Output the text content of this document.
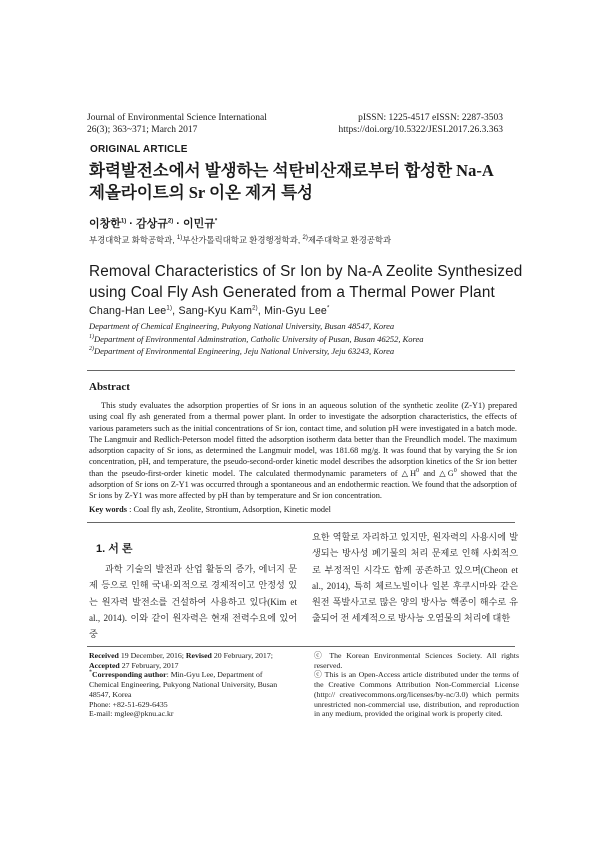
Journal of Environmental Science International
26(3); 363~371; March 2017
pISSN: 1225-4517 eISSN: 2287-3503
https://doi.org/10.5322/JESI.2017.26.3.363
ORIGINAL ARTICLE
화력발전소에서 발생하는 석탄비산재로부터 합성한 Na-A
제올라이트의 Sr 이온 제거 특성
이창한$^{1)}$ · 감상규$^{2)}$ · 이민규*
부경대학교 화학공학과, $^{1)}$부산가톨릭대학교 환경행정학과, $^{2)}$제주대학교 환경공학과
Removal Characteristics of Sr Ion by Na-A Zeolite Synthesized
using Coal Fly Ash Generated from a Thermal Power Plant
Chang-Han Lee$^{1)}$, Sang-Kyu Kam$^{2)}$, Min-Gyu Lee*
Department of Chemical Engineering, Pukyong National University, Busan 48547, Korea
$^{1)}$Department of Environmental Adminstration, Catholic University of Pusan, Busan 46252, Korea
$^{2)}$Department of Environmental Engineering, Jeju National University, Jeju 63243, Korea
Abstract
This study evaluates the adsorption properties of Sr ions in an aqueous solution of the synthetic zeolite (Z-Y1) prepared using coal fly ash generated from a thermal power plant. In order to investigate the adsorption characteristics, the effects of various parameters such as the initial concentrations of Sr ion, contact time, and solution pH were investigated in a batch mode. The Langmuir and Redlich-Peterson model fitted the adsorption isotherm data better than the Freundlich model. The maximum adsorption capacity of Sr ions, as determined the Langmuir model, was 181.68 mg/g. It was found that by varying the Sr ion concentration, pH, and temperature, the pseudo-second-order kinetic model describes the adsorption kinetics of the Sr ion better than the pseudo-first-order kinetic model. The calculated thermodynamic parameters of $\triangle H^0$ and $\triangle G^0$ showed that the adsorption of Sr ions on Z-Y1 was occurred through a spontaneous and an endothermic reaction. We found that the adsorption of Sr ions by Z-Y1 was more affected by pH than by temperature and Sr ion concentration.
Key words : Coal fly ash, Zeolite, Strontium, Adsorption, Kinetic model
1. 서 론
과학 기술의 발전과 산업 활동의 증가, 에너지 문제 등으로 인해 국내·외적으로 경제적이고 안정성 있는 원자력 발전소를 건설하여 사용하고 있다(Kim et al., 2014). 이와 같이 원자력은 현재 전력수요에 있어 중
요한 역할로 자리하고 있지만, 원자력의 사용시에 발생되는 방사성 폐기물의 처리 문제로 인해 사회적으로 부정적인 시각도 함께 공존하고 있으며(Cheon et al., 2014), 특히 체르노빌이나 일본 후쿠시마와 같은 원전 폭발사고로 많은 양의 방사능 핵종이 해수로 유출되어 전 세계적으로 방사능 오염물의 처리에 대한
Received 19 December, 2016; Revised 20 February, 2017;
Accepted 27 February, 2017
*Corresponding author: Min-Gyu Lee, Department of Chemical Engineering, Pukyong National University, Busan 48547, Korea
Phone: +82-51-629-6435
E-mail: mglee@pknu.ac.kr
ⓒ The Korean Environmental Sciences Society. All rights reserved.
ⓒ This is an Open-Access article distributed under the terms of the Creative Commons Attribution Non-Commercial License (http:// creativecommons.org/licenses/by-nc/3.0) which permits unrestricted non-commercial use, distribution, and reproduction in any medium, provided the original work is properly cited.
